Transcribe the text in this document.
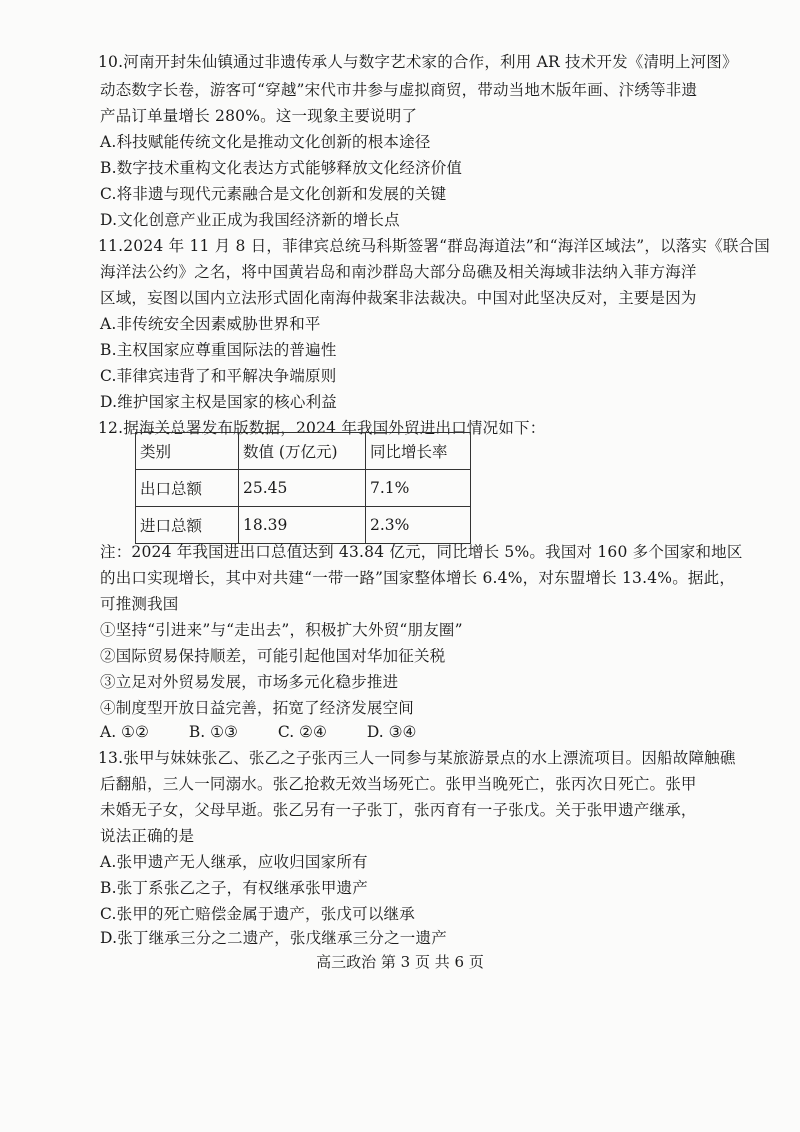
10.河南开封朱仙镇通过非遗传承人与数字艺术家的合作，利用 AR 技术开发《清明上河图》
动态数字长卷，游客可“穿越”宋代市井参与虚拟商贸，带动当地木版年画、汴绣等非遗
产品订单量增长 280%。这一现象主要说明了
A.科技赋能传统文化是推动文化创新的根本途径
B.数字技术重构文化表达方式能够释放文化经济价值
C.将非遗与现代元素融合是文化创新和发展的关键
D.文化创意产业正成为我国经济新的增长点
11.2024 年 11 月 8 日，菲律宾总统马科斯签署“群岛海道法”和“海洋区域法”，以落实《联合国
海洋法公约》之名，将中国黄岩岛和南沙群岛大部分岛礁及相关海域非法纳入菲方海洋
区域，妄图以国内立法形式固化南海仲裁案非法裁决。中国对此坚决反对，主要是因为
A.非传统安全因素威胁世界和平
B.主权国家应尊重国际法的普遍性
C.菲律宾违背了和平解决争端原则
D.维护国家主权是国家的核心利益
12.据海关总署发布版数据，2024 年我国外贸进出口情况如下：
类别	数值 (万亿元)	同比增长率
出口总额	25.45	7.1%
进口总额	18.39	2.3%
注：2024 年我国进出口总值达到 43.84 亿元，同比增长 5%。我国对 160 多个国家和地区
的出口实现增长，其中对共建“一带一路”国家整体增长 6.4%，对东盟增长 13.4%。据此，
可推测我国
①坚持“引进来”与“走出去”，积极扩大外贸“朋友圈”
②国际贸易保持顺差，可能引起他国对华加征关税
③立足对外贸易发展，市场多元化稳步推进
④制度型开放日益完善，拓宽了经济发展空间
A. ①②	B. ①③	C. ②④	D. ③④
13.张甲与妹妹张乙、张乙之子张丙三人一同参与某旅游景点的水上漂流项目。因船故障触礁
后翻船，三人一同溺水。张乙抢救无效当场死亡。张甲当晚死亡，张丙次日死亡。张甲
未婚无子女，父母早逝。张乙另有一子张丁，张丙育有一子张戊。关于张甲遗产继承，
说法正确的是
A.张甲遗产无人继承，应收归国家所有
B.张丁系张乙之子，有权继承张甲遗产
C.张甲的死亡赔偿金属于遗产，张戊可以继承
D.张丁继承三分之二遗产，张戊继承三分之一遗产
高三政治 第 3 页 共 6 页
